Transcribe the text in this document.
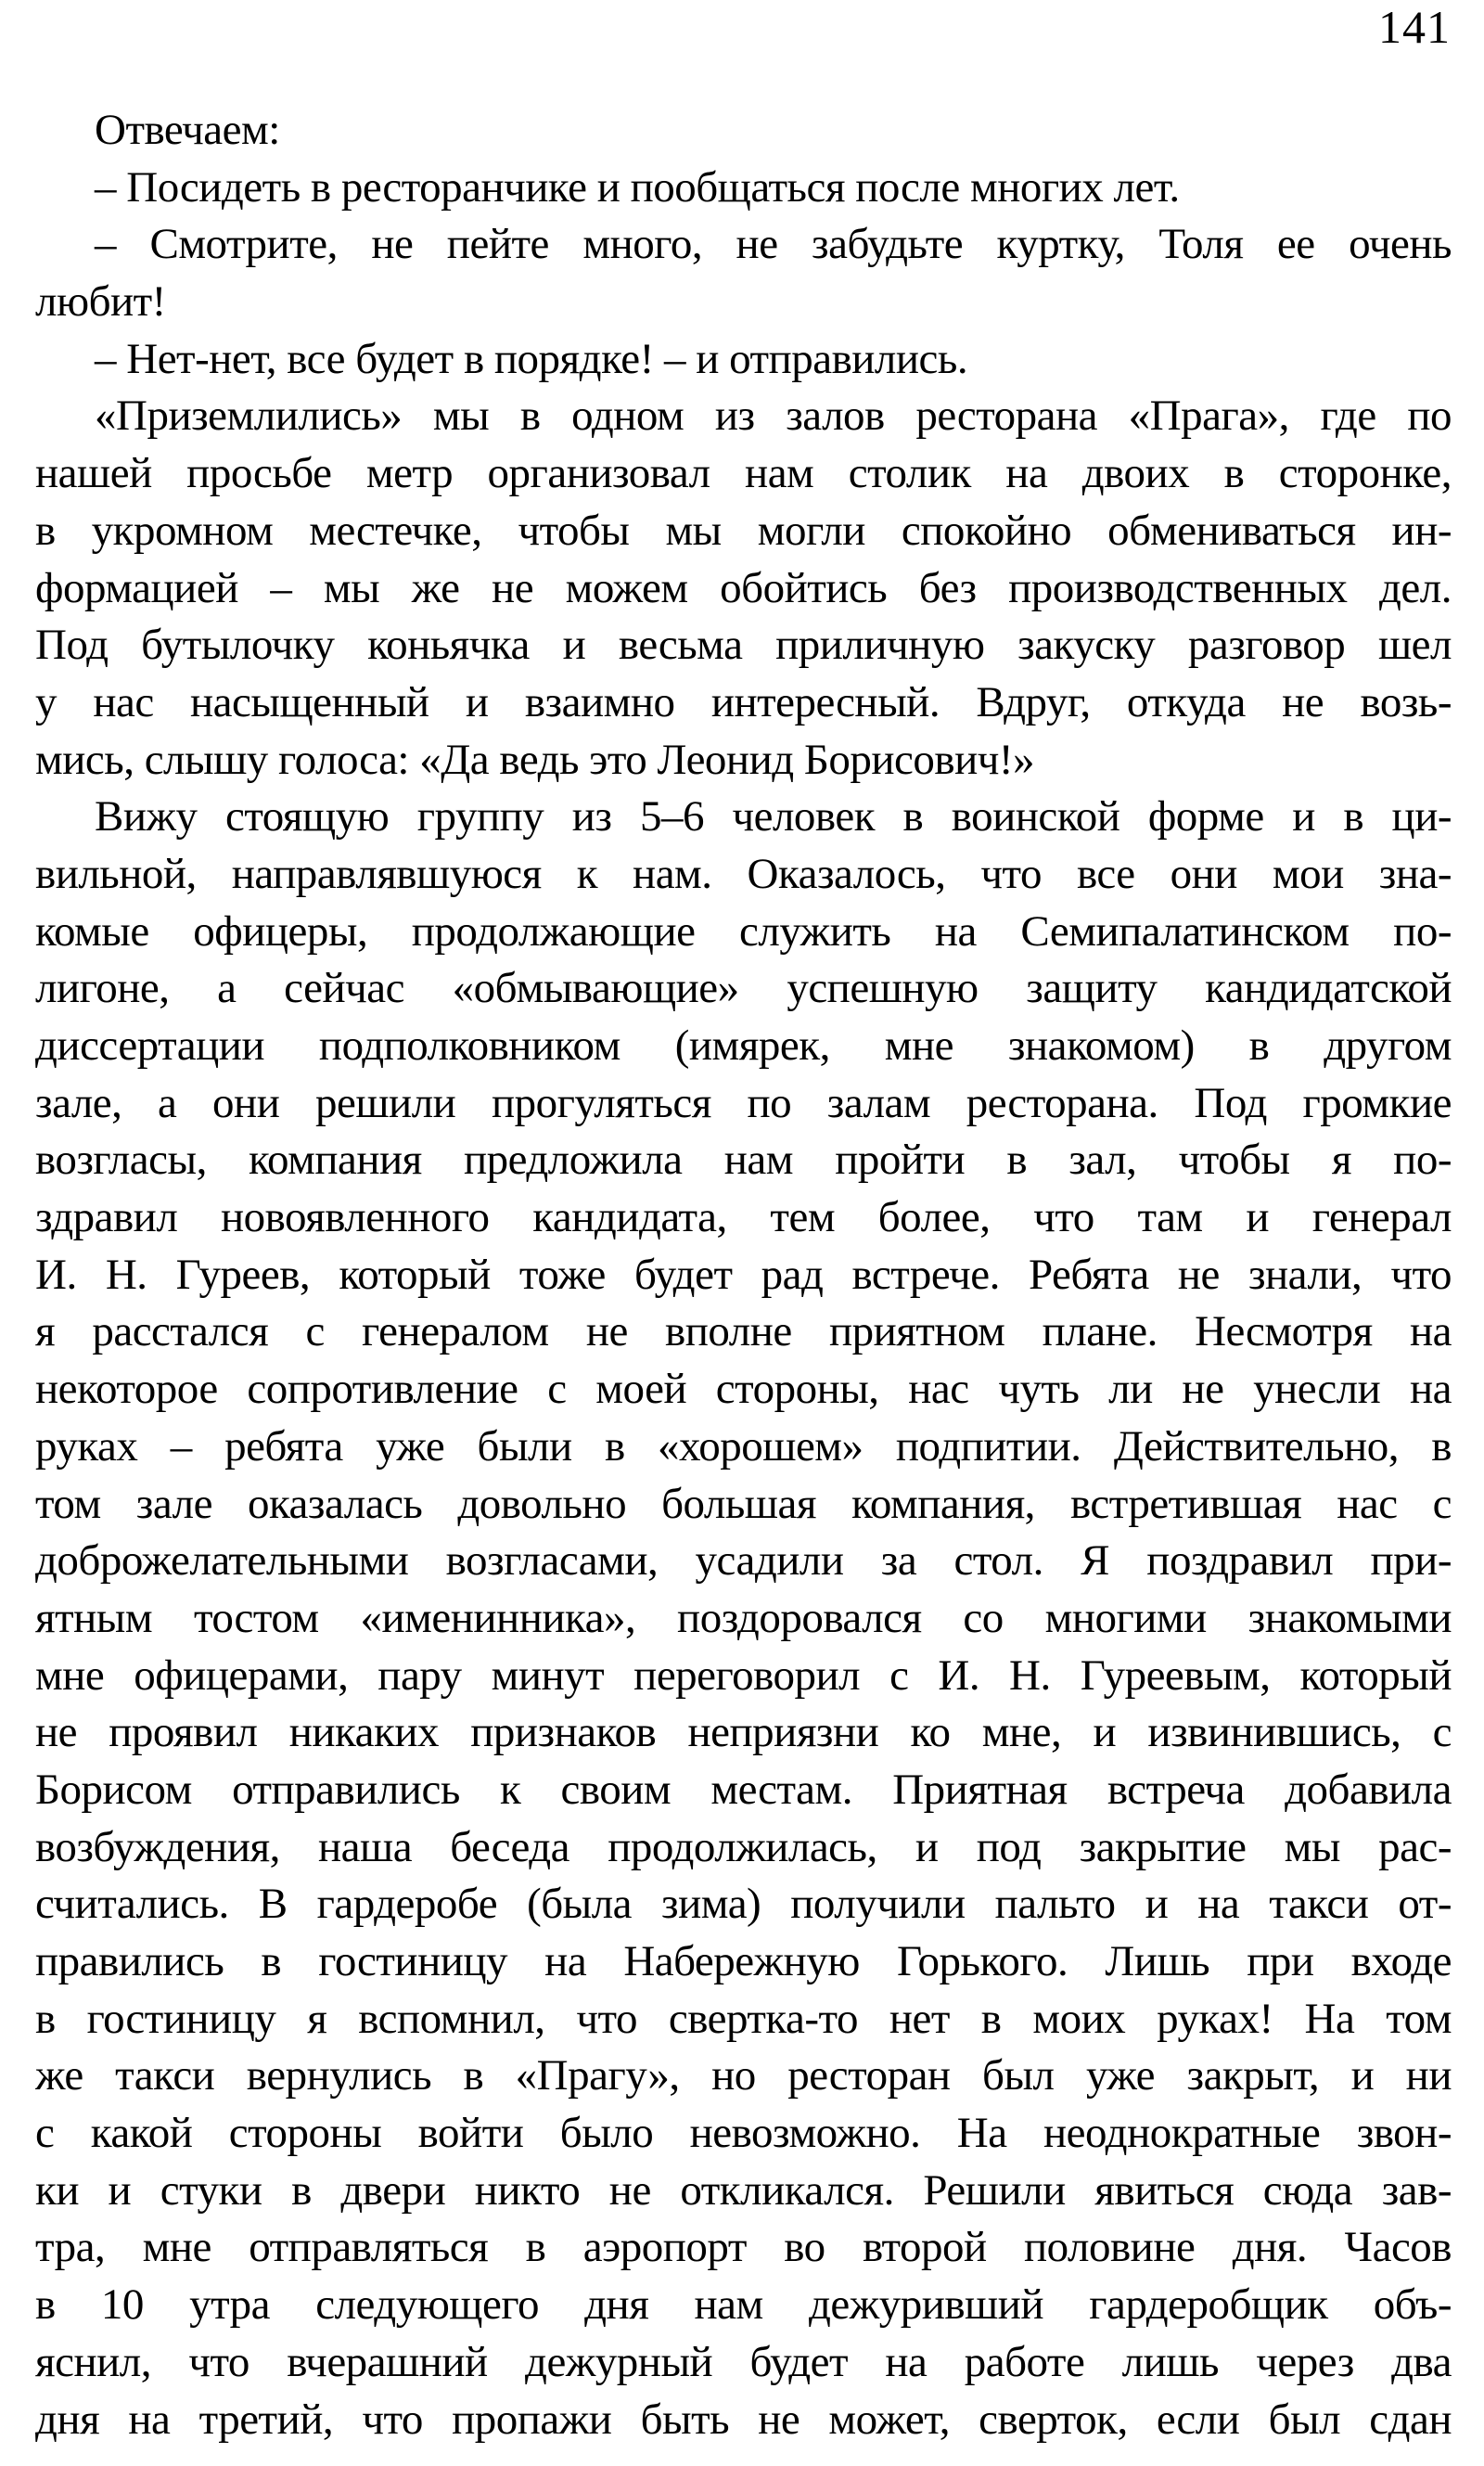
141
Отвечаем:
– Посидеть в ресторанчике и пообщаться после многих лет.
– Смотрите, не пейте много, не забудьте куртку, Толя ее очень
любит!
– Нет-нет, все будет в порядке! – и отправились.
«Приземлились» мы в одном из залов ресторана «Прага», где по
нашей просьбе метр организовал нам столик на двоих в сторонке,
в укромном местечке, чтобы мы могли спокойно обмениваться ин-
формацией – мы же не можем обойтись без производственных дел.
Под бутылочку коньячка и весьма приличную закуску разговор шел
у нас насыщенный и взаимно интересный. Вдруг, откуда не возь-
мись, слышу голоса: «Да ведь это Леонид Борисович!»
Вижу стоящую группу из 5–6 человек в воинской форме и в ци-
вильной, направлявшуюся к нам. Оказалось, что все они мои зна-
комые офицеры, продолжающие служить на Семипалатинском по-
лигоне, а сейчас «обмывающие» успешную защиту кандидатской
диссертации подполковником (имярек, мне знакомом) в другом
зале, а они решили прогуляться по залам ресторана. Под громкие
возгласы, компания предложила нам пройти в зал, чтобы я по-
здравил новоявленного кандидата, тем более, что там и генерал
И. Н. Гуреев, который тоже будет рад встрече. Ребята не знали, что
я расстался с генералом не вполне приятном плане. Несмотря на
некоторое сопротивление с моей стороны, нас чуть ли не унесли на
руках – ребята уже были в «хорошем» подпитии. Действительно, в
том зале оказалась довольно большая компания, встретившая нас с
доброжелательными возгласами, усадили за стол. Я поздравил при-
ятным тостом «именинника», поздоровался со многими знакомыми
мне офицерами, пару минут переговорил с И. Н. Гуреевым, который
не проявил никаких признаков неприязни ко мне, и извинившись, с
Борисом отправились к своим местам. Приятная встреча добавила
возбуждения, наша беседа продолжилась, и под закрытие мы рас-
считались. В гардеробе (была зима) получили пальто и на такси от-
правились в гостиницу на Набережную Горького. Лишь при входе
в гостиницу я вспомнил, что свертка-то нет в моих руках! На том
же такси вернулись в «Прагу», но ресторан был уже закрыт, и ни
с какой стороны войти было невозможно. На неоднократные звон-
ки и стуки в двери никто не откликался. Решили явиться сюда зав-
тра, мне отправляться в аэропорт во второй половине дня. Часов
в 10 утра следующего дня нам дежуривший гардеробщик объ-
яснил, что вчерашний дежурный будет на работе лишь через два
дня на третий, что пропажи быть не может, сверток, если был сдан
